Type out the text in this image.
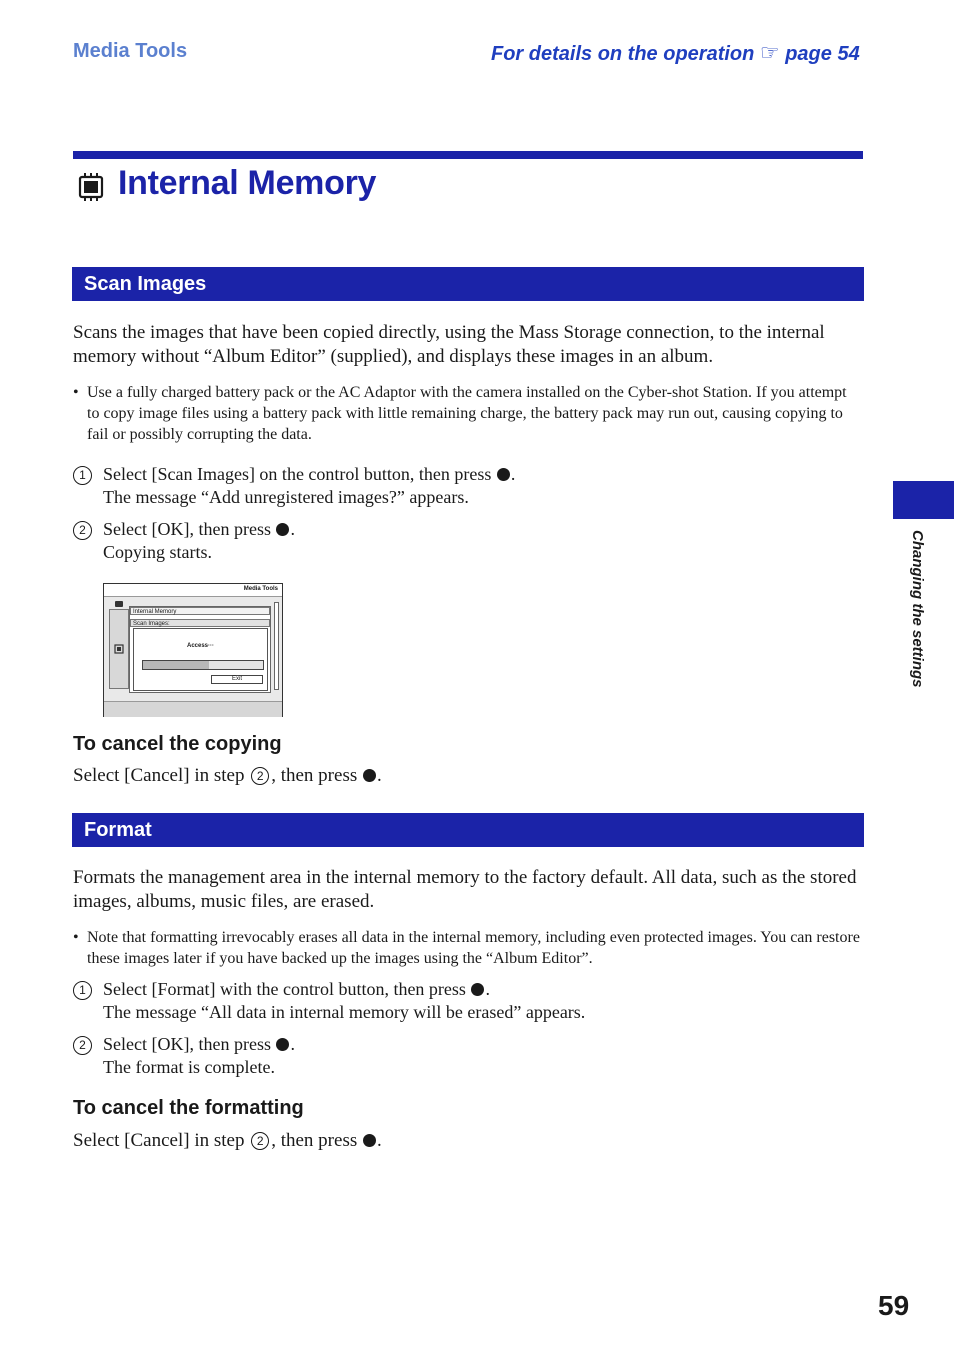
Media Tools	For details on the operation ☞ page 54
Internal Memory
Scan Images
Scans the images that have been copied directly, using the Mass Storage connection, to the internal memory without “Album Editor” (supplied), and displays these images in an album.
• Use a fully charged battery pack or the AC Adaptor with the camera installed on the Cyber-shot Station. If you attempt to copy image files using a battery pack with little remaining charge, the battery pack may run out, causing copying to fail or possibly corrupting the data.
1 Select [Scan Images] on the control button, then press .
The message “Add unregistered images?” appears.
2 Select [OK], then press .
Copying starts.
Media Tools
Internal Memory
Scan Images:
Access···
Exit
To cancel the copying
Select [Cancel] in step 2 , then press .
Format
Formats the management area in the internal memory to the factory default. All data, such as the stored images, albums, music files, are erased.
• Note that formatting irrevocably erases all data in the internal memory, including even protected images. You can restore these images later if you have backed up the images using the “Album Editor”.
1 Select [Format] with the control button, then press .
The message “All data in internal memory will be erased” appears.
2 Select [OK], then press .
The format is complete.
To cancel the formatting
Select [Cancel] in step 2 , then press .
Changing the settings
59
